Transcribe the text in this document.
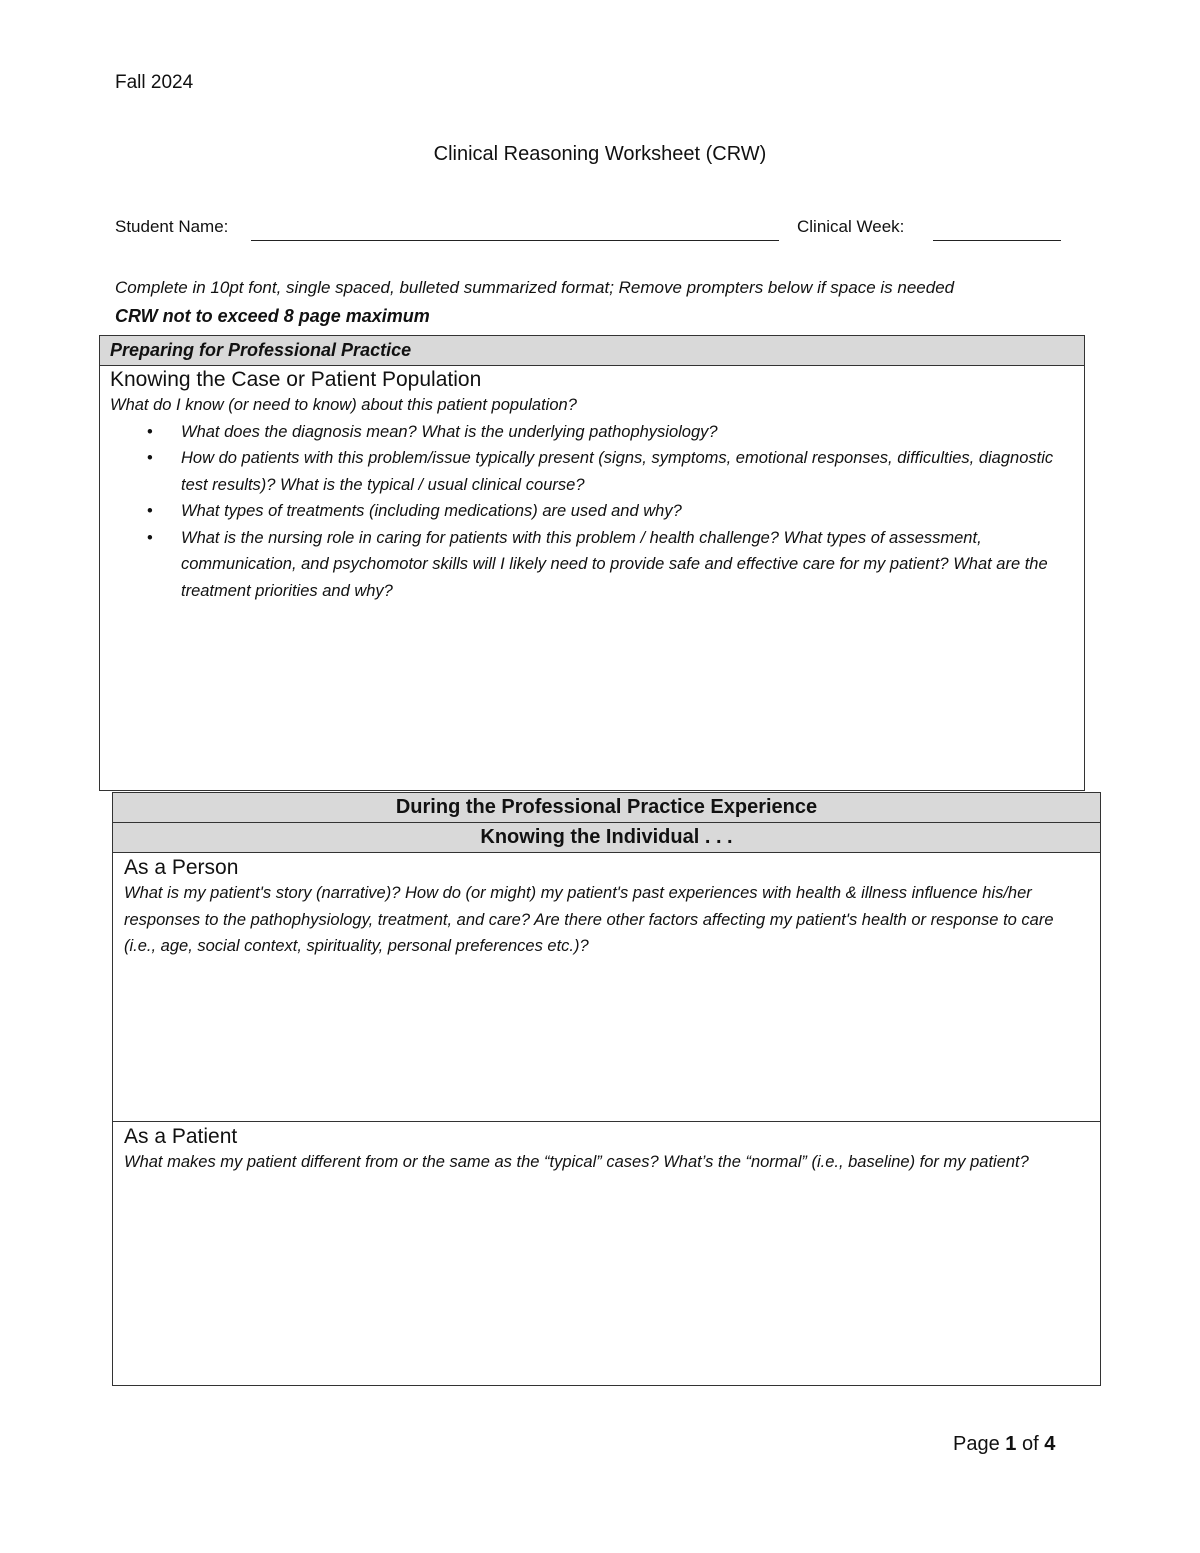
Fall 2024
Clinical Reasoning Worksheet (CRW)
Student Name:	Clinical Week:
Complete in 10pt font, single spaced, bulleted summarized format; Remove prompters below if space is needed
CRW not to exceed 8 page maximum
Preparing for Professional Practice
Knowing the Case or Patient Population
What do I know (or need to know) about this patient population?
• What does the diagnosis mean? What is the underlying pathophysiology?
• How do patients with this problem/issue typically present (signs, symptoms, emotional responses, difficulties, diagnostic test results)? What is the typical / usual clinical course?
• What types of treatments (including medications) are used and why?
• What is the nursing role in caring for patients with this problem / health challenge? What types of assessment, communication, and psychomotor skills will I likely need to provide safe and effective care for my patient? What are the treatment priorities and why?
During the Professional Practice Experience
Knowing the Individual . . .
As a Person
What is my patient's story (narrative)? How do (or might) my patient's past experiences with health & illness influence his/her responses to the pathophysiology, treatment, and care? Are there other factors affecting my patient's health or response to care (i.e., age, social context, spirituality, personal preferences etc.)?
As a Patient
What makes my patient different from or the same as the “typical” cases? What’s the “normal” (i.e., baseline) for my patient?
Page 1 of 4
